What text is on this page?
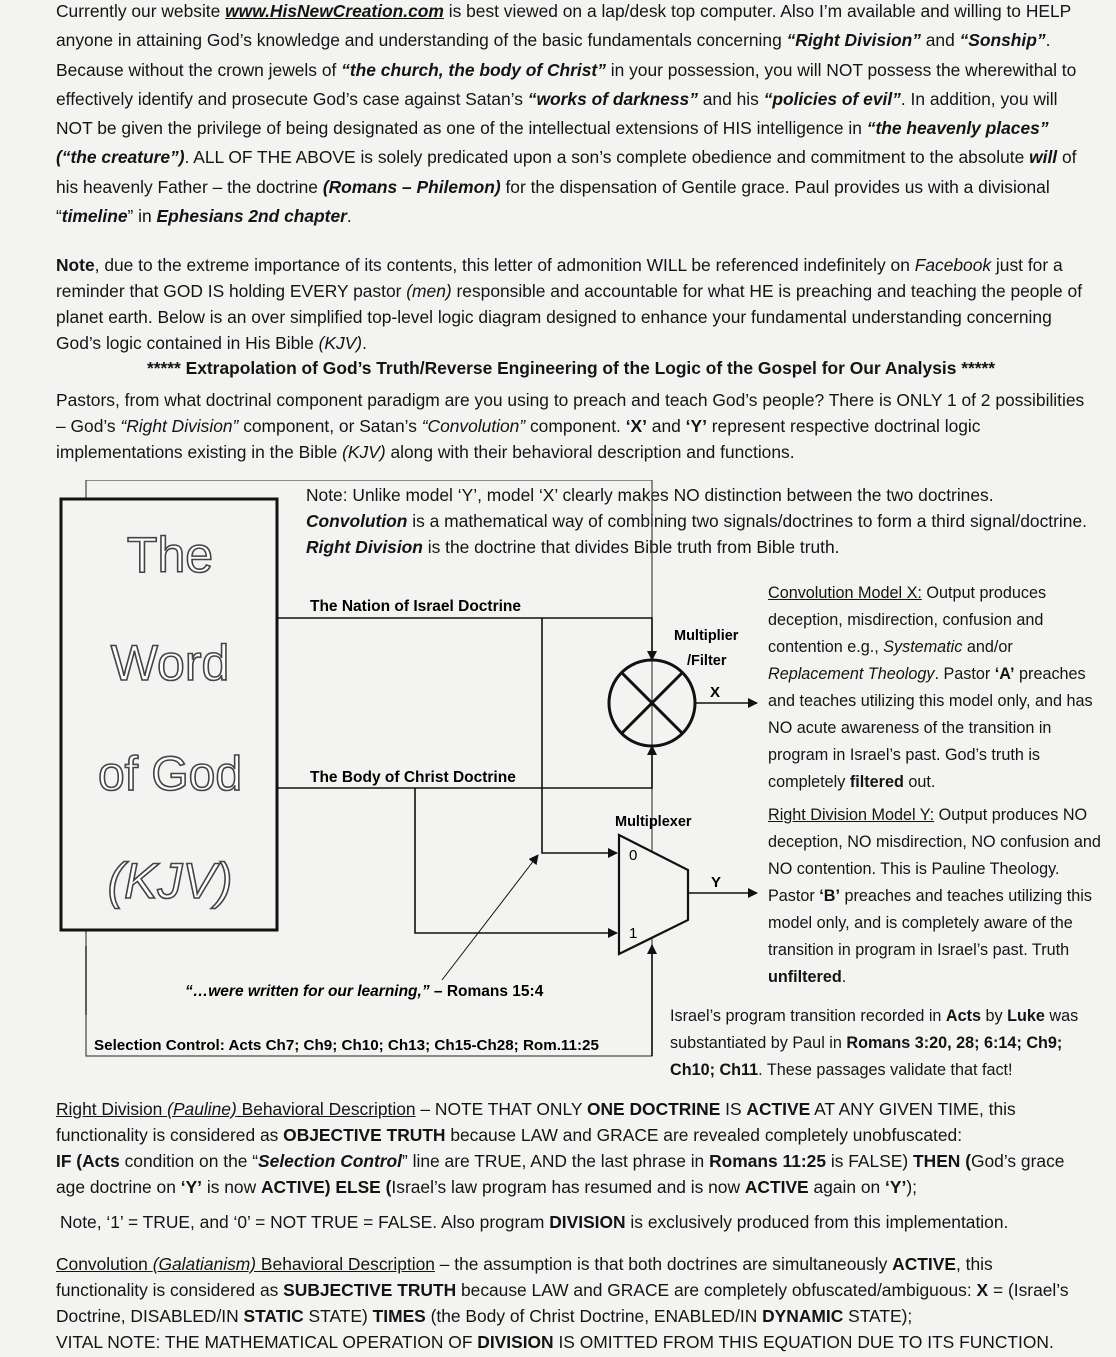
Currently our website www.HisNewCreation.com is best viewed on a lap/desk top computer. Also I’m available and willing to HELP anyone in attaining God’s knowledge and understanding of the basic fundamentals concerning “Right Division” and “Sonship”. Because without the crown jewels of “the church, the body of Christ” in your possession, you will NOT possess the wherewithal to effectively identify and prosecute God’s case against Satan’s “works of darkness” and his “policies of evil”. In addition, you will NOT be given the privilege of being designated as one of the intellectual extensions of HIS intelligence in “the heavenly places” (“the creature”). ALL OF THE ABOVE is solely predicated upon a son’s complete obedience and commitment to the absolute will of his heavenly Father – the doctrine (Romans – Philemon) for the dispensation of Gentile grace. Paul provides us with a divisional “timeline” in Ephesians 2nd chapter.

Note, due to the extreme importance of its contents, this letter of admonition WILL be referenced indefinitely on Facebook just for a reminder that GOD IS holding EVERY pastor (men) responsible and accountable for what HE is preaching and teaching the people of planet earth. Below is an over simplified top-level logic diagram designed to enhance your fundamental understanding concerning God’s logic contained in His Bible (KJV).

***** Extrapolation of God’s Truth/Reverse Engineering of the Logic of the Gospel for Our Analysis *****

Pastors, from what doctrinal component paradigm are you using to preach and teach God’s people? There is ONLY 1 of 2 possibilities – God’s “Right Division” component, or Satan’s “Convolution” component. ‘X’ and ‘Y’ represent respective doctrinal logic implementations existing in the Bible (KJV) along with their behavioral description and functions.

Note: Unlike model ‘Y’, model ‘X’ clearly makes NO distinction between the two doctrines. Convolution is a mathematical way of combining two signals/doctrines to form a third signal/doctrine. Right Division is the doctrine that divides Bible truth from Bible truth.

The
Word
of God
(KJV)
The Nation of Israel Doctrine
The Body of Christ Doctrine
Multiplier
/Filter
X
Multiplexer
0
1
Y
“…were written for our learning,” – Romans 15:4
Selection Control: Acts Ch7; Ch9; Ch10; Ch13; Ch15-Ch28; Rom.11:25

Convolution Model X: Output produces deception, misdirection, confusion and contention e.g., Systematic and/or Replacement Theology. Pastor ‘A’ preaches and teaches utilizing this model only, and has NO acute awareness of the transition in program in Israel’s past. God’s truth is completely filtered out.

Right Division Model Y: Output produces NO deception, NO misdirection, NO confusion and NO contention. This is Pauline Theology. Pastor ‘B’ preaches and teaches utilizing this model only, and is completely aware of the transition in program in Israel’s past. Truth unfiltered.

Israel’s program transition recorded in Acts by Luke was substantiated by Paul in Romans 3:20, 28; 6:14; Ch9; Ch10; Ch11. These passages validate that fact!

Right Division (Pauline) Behavioral Description – NOTE THAT ONLY ONE DOCTRINE IS ACTIVE AT ANY GIVEN TIME, this functionality is considered as OBJECTIVE TRUTH because LAW and GRACE are revealed completely unobfuscated:
IF (Acts condition on the “Selection Control” line are TRUE, AND the last phrase in Romans 11:25 is FALSE) THEN (God’s grace age doctrine on ‘Y’ is now ACTIVE) ELSE (Israel’s law program has resumed and is now ACTIVE again on ‘Y’);

Note, ‘1’ = TRUE, and ‘0’ = NOT TRUE = FALSE. Also program DIVISION is exclusively produced from this implementation.

Convolution (Galatianism) Behavioral Description – the assumption is that both doctrines are simultaneously ACTIVE, this functionality is considered as SUBJECTIVE TRUTH because LAW and GRACE are completely obfuscated/ambiguous: X = (Israel’s Doctrine, DISABLED/IN STATIC STATE) TIMES (the Body of Christ Doctrine, ENABLED/IN DYNAMIC STATE);
VITAL NOTE: THE MATHEMATICAL OPERATION OF DIVISION IS OMITTED FROM THIS EQUATION DUE TO ITS FUNCTION.
